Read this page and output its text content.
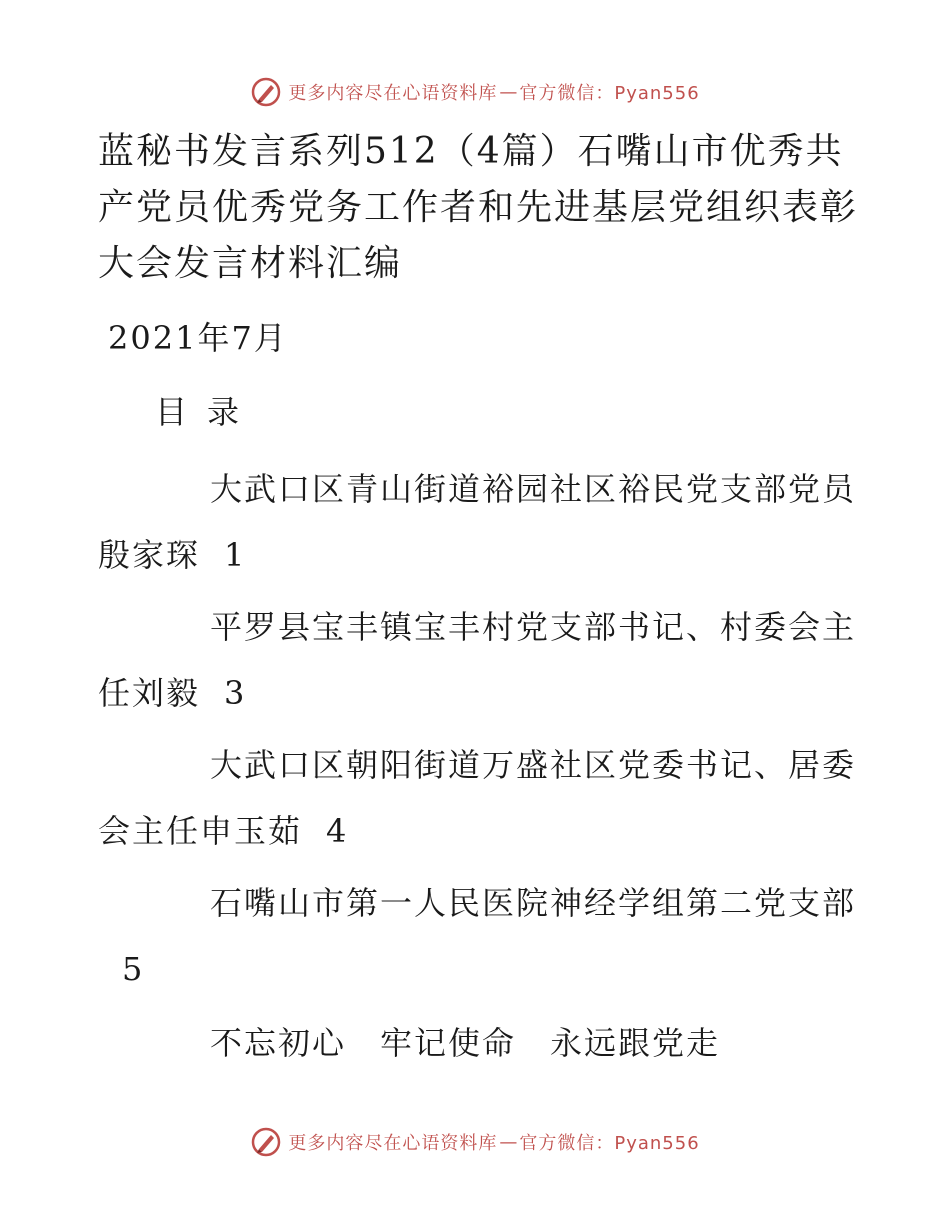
更多内容尽在心语资料库 — 官方微信：Pyan556
蓝秘书发言系列512（4篇）石嘴山市优秀共产党员优秀党务工作者和先进基层党组织表彰大会发言材料汇编
2021年7月
目录
大武口区青山街道裕园社区裕民党支部党员殷家琛 1
平罗县宝丰镇宝丰村党支部书记、村委会主任刘毅 3
大武口区朝阳街道万盛社区党委书记、居委会主任申玉茹 4
石嘴山市第一人民医院神经学组第二党支部5
不忘初心　牢记使命　永远跟党走
更多内容尽在心语资料库 — 官方微信：Pyan556
